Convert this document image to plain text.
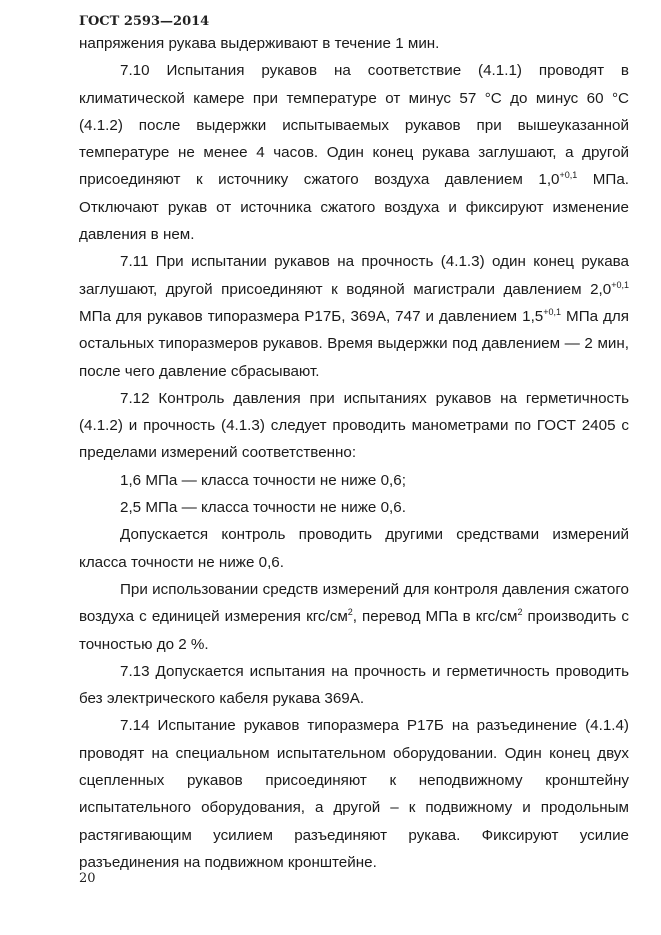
ГОСТ 2593—2014

напряжения рукава выдерживают в течение 1 мин.

7.10 Испытания рукавов на соответствие (4.1.1) проводят в климатической камере при температуре от минус 57 °С до минус 60 °С (4.1.2) после выдержки испытываемых рукавов при вышеуказанной температуре не менее 4 часов. Один конец рукава заглушают, а другой присоединяют к источнику сжатого воздуха давлением $1,0^{+0,1}$ МПа. Отключают рукав от источника сжатого воздуха и фиксируют изменение давления в нем.

7.11 При испытании рукавов на прочность (4.1.3) один конец рукава заглушают, другой присоединяют к водяной магистрали давлением $2,0^{+0,1}$ МПа для рукавов типоразмера Р17Б, 369А, 747 и давлением $1,5^{+0,1}$ МПа для остальных типоразмеров рукавов. Время выдержки под давлением — 2 мин, после чего давление сбрасывают.

7.12 Контроль давления при испытаниях рукавов на герметичность (4.1.2) и прочность (4.1.3) следует проводить манометрами по ГОСТ 2405 с пределами измерений соответственно:

1,6 МПа — класса точности не ниже 0,6;

2,5 МПа — класса точности не ниже 0,6.

Допускается контроль проводить другими средствами измерений класса точности не ниже 0,6.

При использовании средств измерений для контроля давления сжатого воздуха с единицей измерения кгс/$см^2$, перевод МПа в кгс/$см^2$ производить с точностью до 2 %.

7.13 Допускается испытания на прочность и герметичность проводить без электрического кабеля рукава 369А.

7.14 Испытание рукавов типоразмера Р17Б на разъединение (4.1.4) проводят на специальном испытательном оборудовании. Один конец двух сцепленных рукавов присоединяют к неподвижному кронштейну испытательного оборудования, а другой – к подвижному и продольным растягивающим усилием разъединяют рукава. Фиксируют усилие разъединения на подвижном кронштейне.

20
